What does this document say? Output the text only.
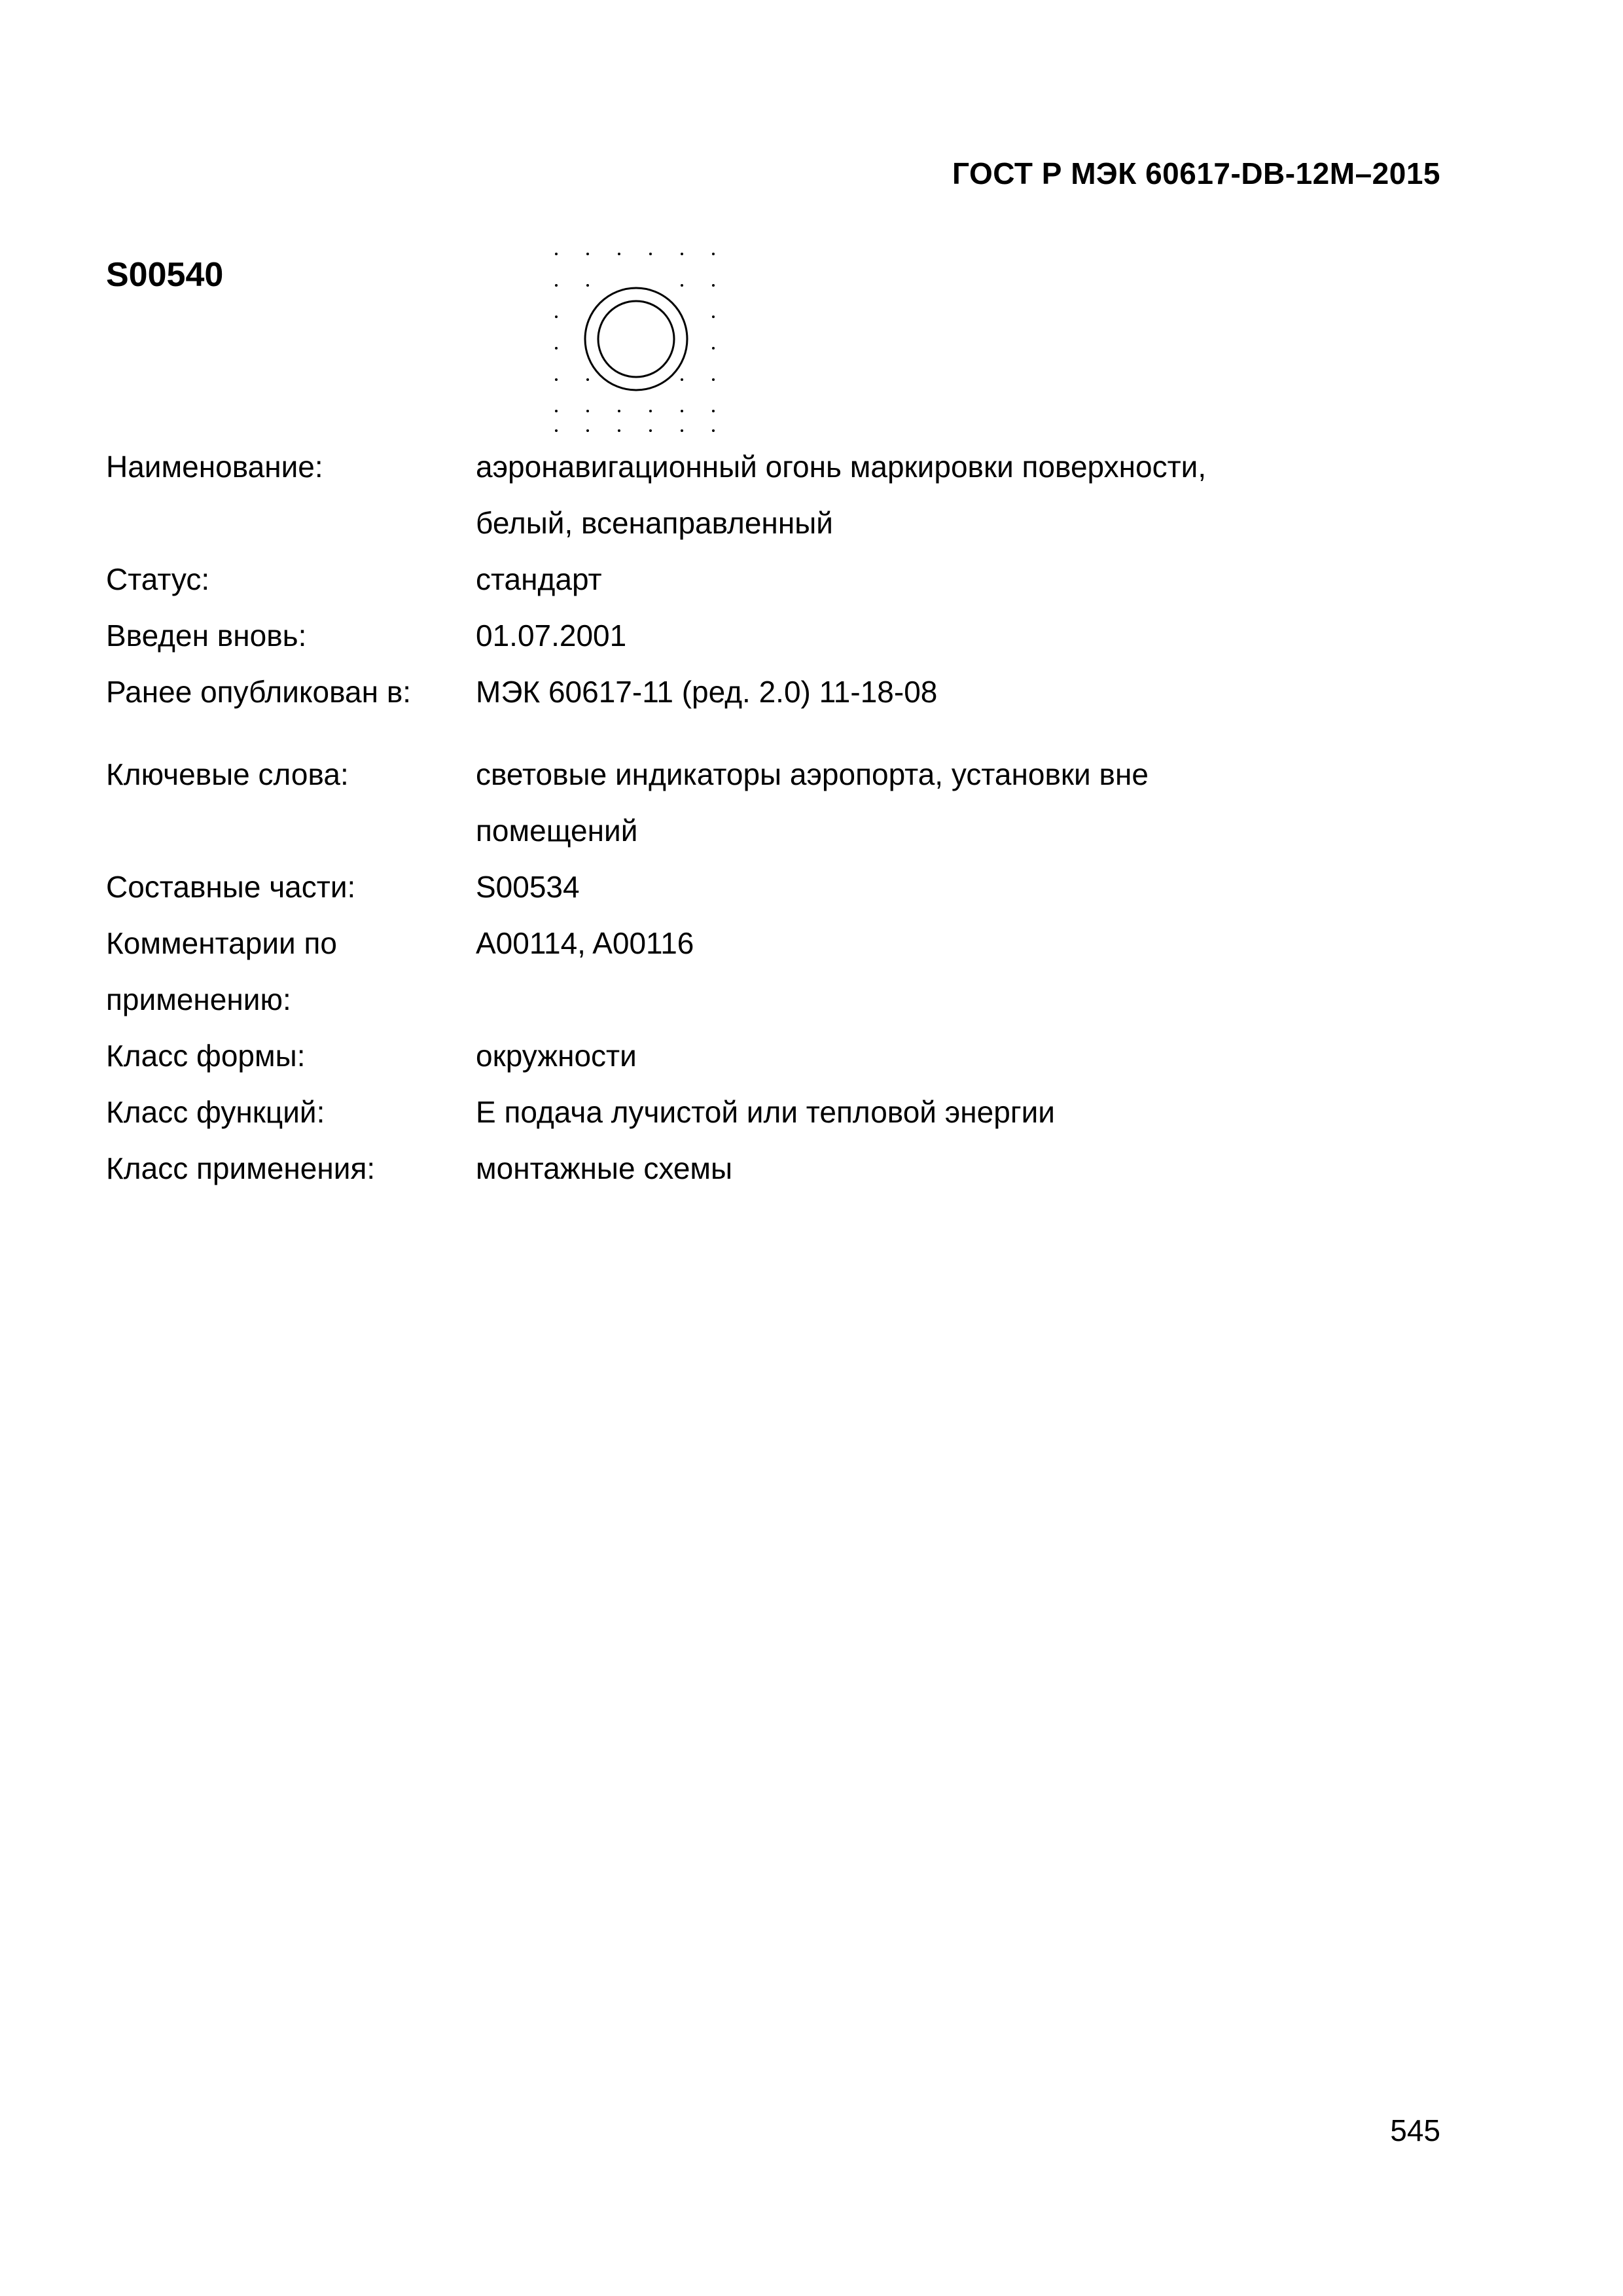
ГОСТ Р МЭК 60617-DB-12M–2015
S00540
Наименование:	аэронавигационный огонь маркировки поверхности,
белый, всенаправленный
Статус:	стандарт
Введен вновь:	01.07.2001
Ранее опубликован в: МЭК 60617-11 (ред. 2.0) 11-18-08
Ключевые слова:	световые индикаторы аэропорта, установки вне
помещений
Составные части:	S00534
Комментарии по	A00114, A00116
применению:
Класс формы:	окружности
Класс функций:	Е подача лучистой или тепловой энергии
Класс применения:	монтажные схемы
545
